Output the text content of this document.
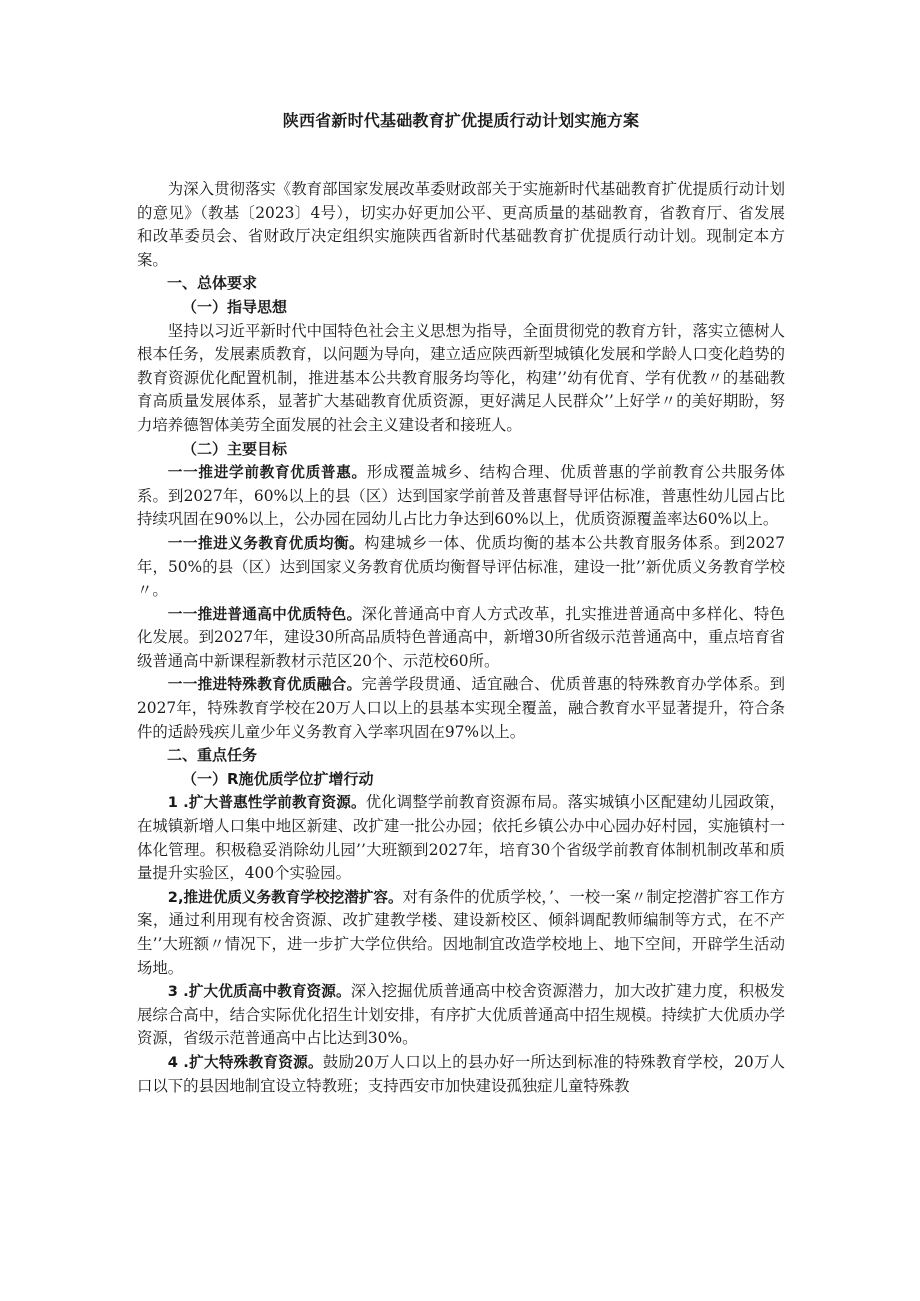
陕西省新时代基础教育扩优提质行动计划实施方案

为深入贯彻落实《教育部国家发展改革委财政部关于实施新时代基础教育扩优提质行动计划的意见》（教基〔2023〕4号），切实办好更加公平、更高质量的基础教育，省教育厅、省发展和改革委员会、省财政厅决定组织实施陕西省新时代基础教育扩优提质行动计划。现制定本方案。

一、总体要求
（一）指导思想

坚持以习近平新时代中国特色社会主义思想为指导，全面贯彻党的教育方针，落实立德树人根本任务，发展素质教育，以问题为导向，建立适应陕西新型城镇化发展和学龄人口变化趋势的教育资源优化配置机制，推进基本公共教育服务均等化，构建’’幼有优育、学有优教〃的基础教育高质量发展体系，显著扩大基础教育优质资源，更好满足人民群众’’上好学〃的美好期盼，努力培养德智体美劳全面发展的社会主义建设者和接班人。

（二）主要目标

一一推进学前教育优质普惠。形成覆盖城乡、结构合理、优质普惠的学前教育公共服务体系。到2027年，60%以上的县（区）达到国家学前普及普惠督导评估标准，普惠性幼儿园占比持续巩固在90%以上，公办园在园幼儿占比力争达到60%以上，优质资源覆盖率达60%以上。

一一推进义务教育优质均衡。构建城乡一体、优质均衡的基本公共教育服务体系。到2027年，50%的县（区）达到国家义务教育优质均衡督导评估标准，建设一批’’新优质义务教育学校〃。

一一推进普通高中优质特色。深化普通高中育人方式改革，扎实推进普通高中多样化、特色化发展。到2027年，建设30所高品质特色普通高中，新增30所省级示范普通高中，重点培育省级普通高中新课程新教材示范区20个、示范校60所。

一一推进特殊教育优质融合。完善学段贯通、适宜融合、优质普惠的特殊教育办学体系。到2027年，特殊教育学校在20万人口以上的县基本实现全覆盖，融合教育水平显著提升，符合条件的适龄残疾儿童少年义务教育入学率巩固在97%以上。

二、重点任务
（一）R施优质学位扩增行动

1 .扩大普惠性学前教育资源。优化调整学前教育资源布局。落实城镇小区配建幼儿园政策，在城镇新增人口集中地区新建、改扩建一批公办园；依托乡镇公办中心园办好村园，实施镇村一体化管理。积极稳妥消除幼儿园’’大班额到2027年，培育30个省级学前教育体制机制改革和质量提升实验区，400个实验园。

2,推进优质义务教育学校挖潜扩容。对有条件的优质学校，’、一校一案〃制定挖潜扩容工作方案，通过利用现有校舍资源、改扩建教学楼、建设新校区、倾斜调配教师编制等方式，在不产生’’大班额〃情况下，进一步扩大学位供给。因地制宜改造学校地上、地下空间，开辟学生活动场地。

3 .扩大优质高中教育资源。深入挖掘优质普通高中校舍资源潜力，加大改扩建力度，积极发展综合高中，结合实际优化招生计划安排，有序扩大优质普通高中招生规模。持续扩大优质办学资源，省级示范普通高中占比达到30%。

4 .扩大特殊教育资源。鼓励20万人口以上的县办好一所达到标准的特殊教育学校，20万人口以下的县因地制宜设立特教班；支持西安市加快建设孤独症儿童特殊教
